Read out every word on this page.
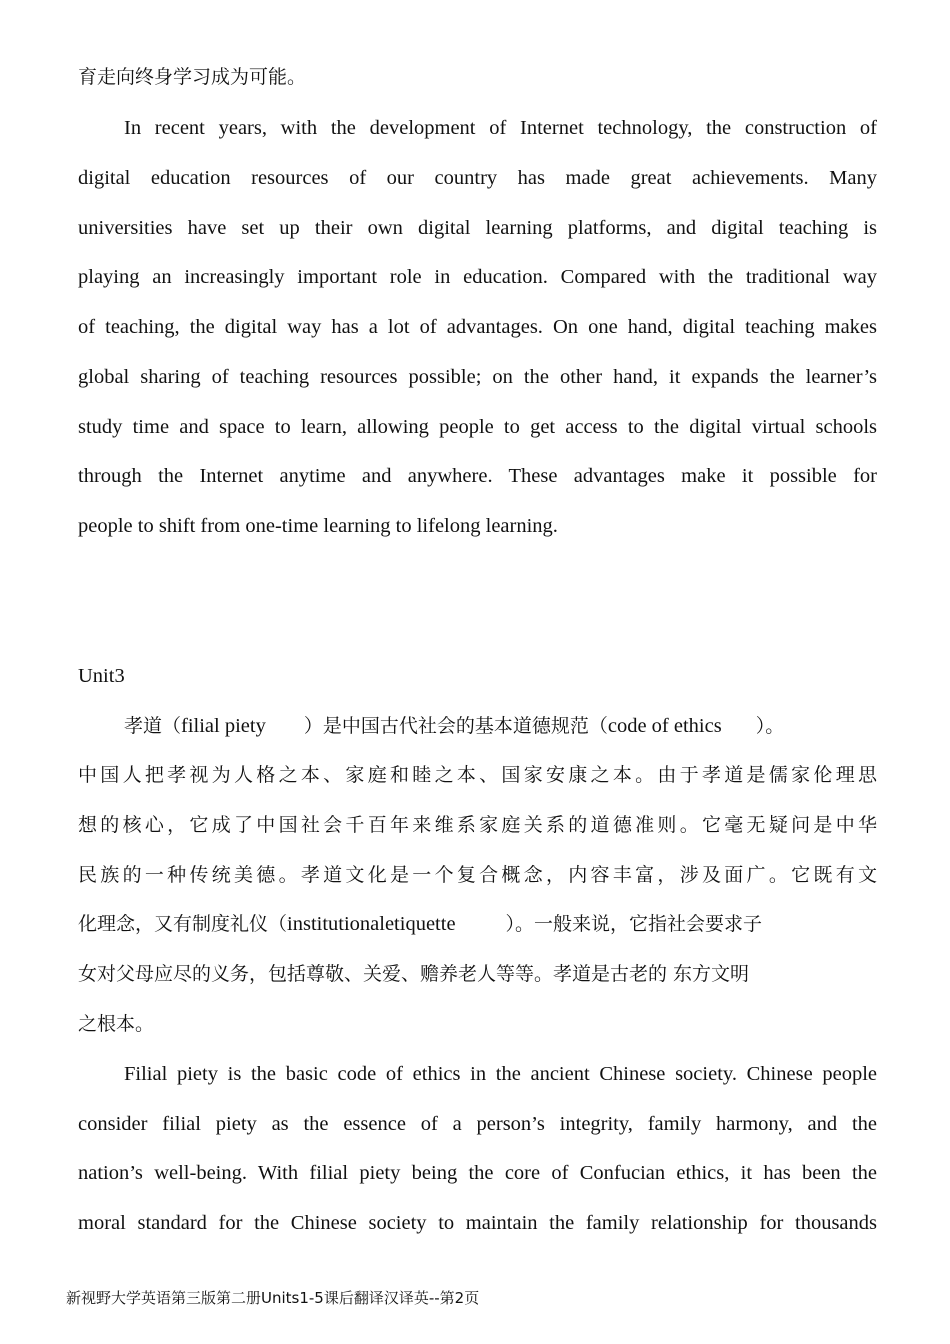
育走向终身学习成为可能。
In recent years, with the development of Internet technology, the construction of
digital education resources of our country has made great achievements. Many
universities have set up their own digital learning platforms, and digital teaching is
playing an increasingly important role in education. Compared with the traditional way
of teaching, the digital way has a lot of advantages. On one hand, digital teaching makes
global sharing of teaching resources possible; on the other hand, it expands the learner’s
study time and space to learn, allowing people to get access to the digital virtual schools
through the Internet anytime and anywhere. These advantages make it possible for
people to shift from one-time learning to lifelong learning.
Unit3
孝道（filial piety ）是中国古代社会的基本道德规范（code of ethics ）。
中国人把孝视为人格之本、家庭和睦之本、国家安康之本。由于孝道是儒家伦理思
想的核心，它成了中国社会千百年来维系家庭关系的道德准则。它毫无疑问是中华
民族的一种传统美德。孝道文化是一个复合概念，内容丰富，涉及面广。它既有文
化理念，又有制度礼仪（institutionaletiquette	）。一般来说，它指社会要求子
女对父母应尽的义务，包括尊敬、关爱、赡养老人等等。孝道是古老的 东方文明
之根本。
Filial piety is the basic code of ethics in the ancient Chinese society. Chinese people
consider filial piety as the essence of a person’s integrity, family harmony, and the
nation’s well-being. With filial piety being the core of Confucian ethics, it has been the
moral standard for the Chinese society to maintain the family relationship for thousands
新视野大学英语第三版第二册Units1-5课后翻译汉译英--第2页
